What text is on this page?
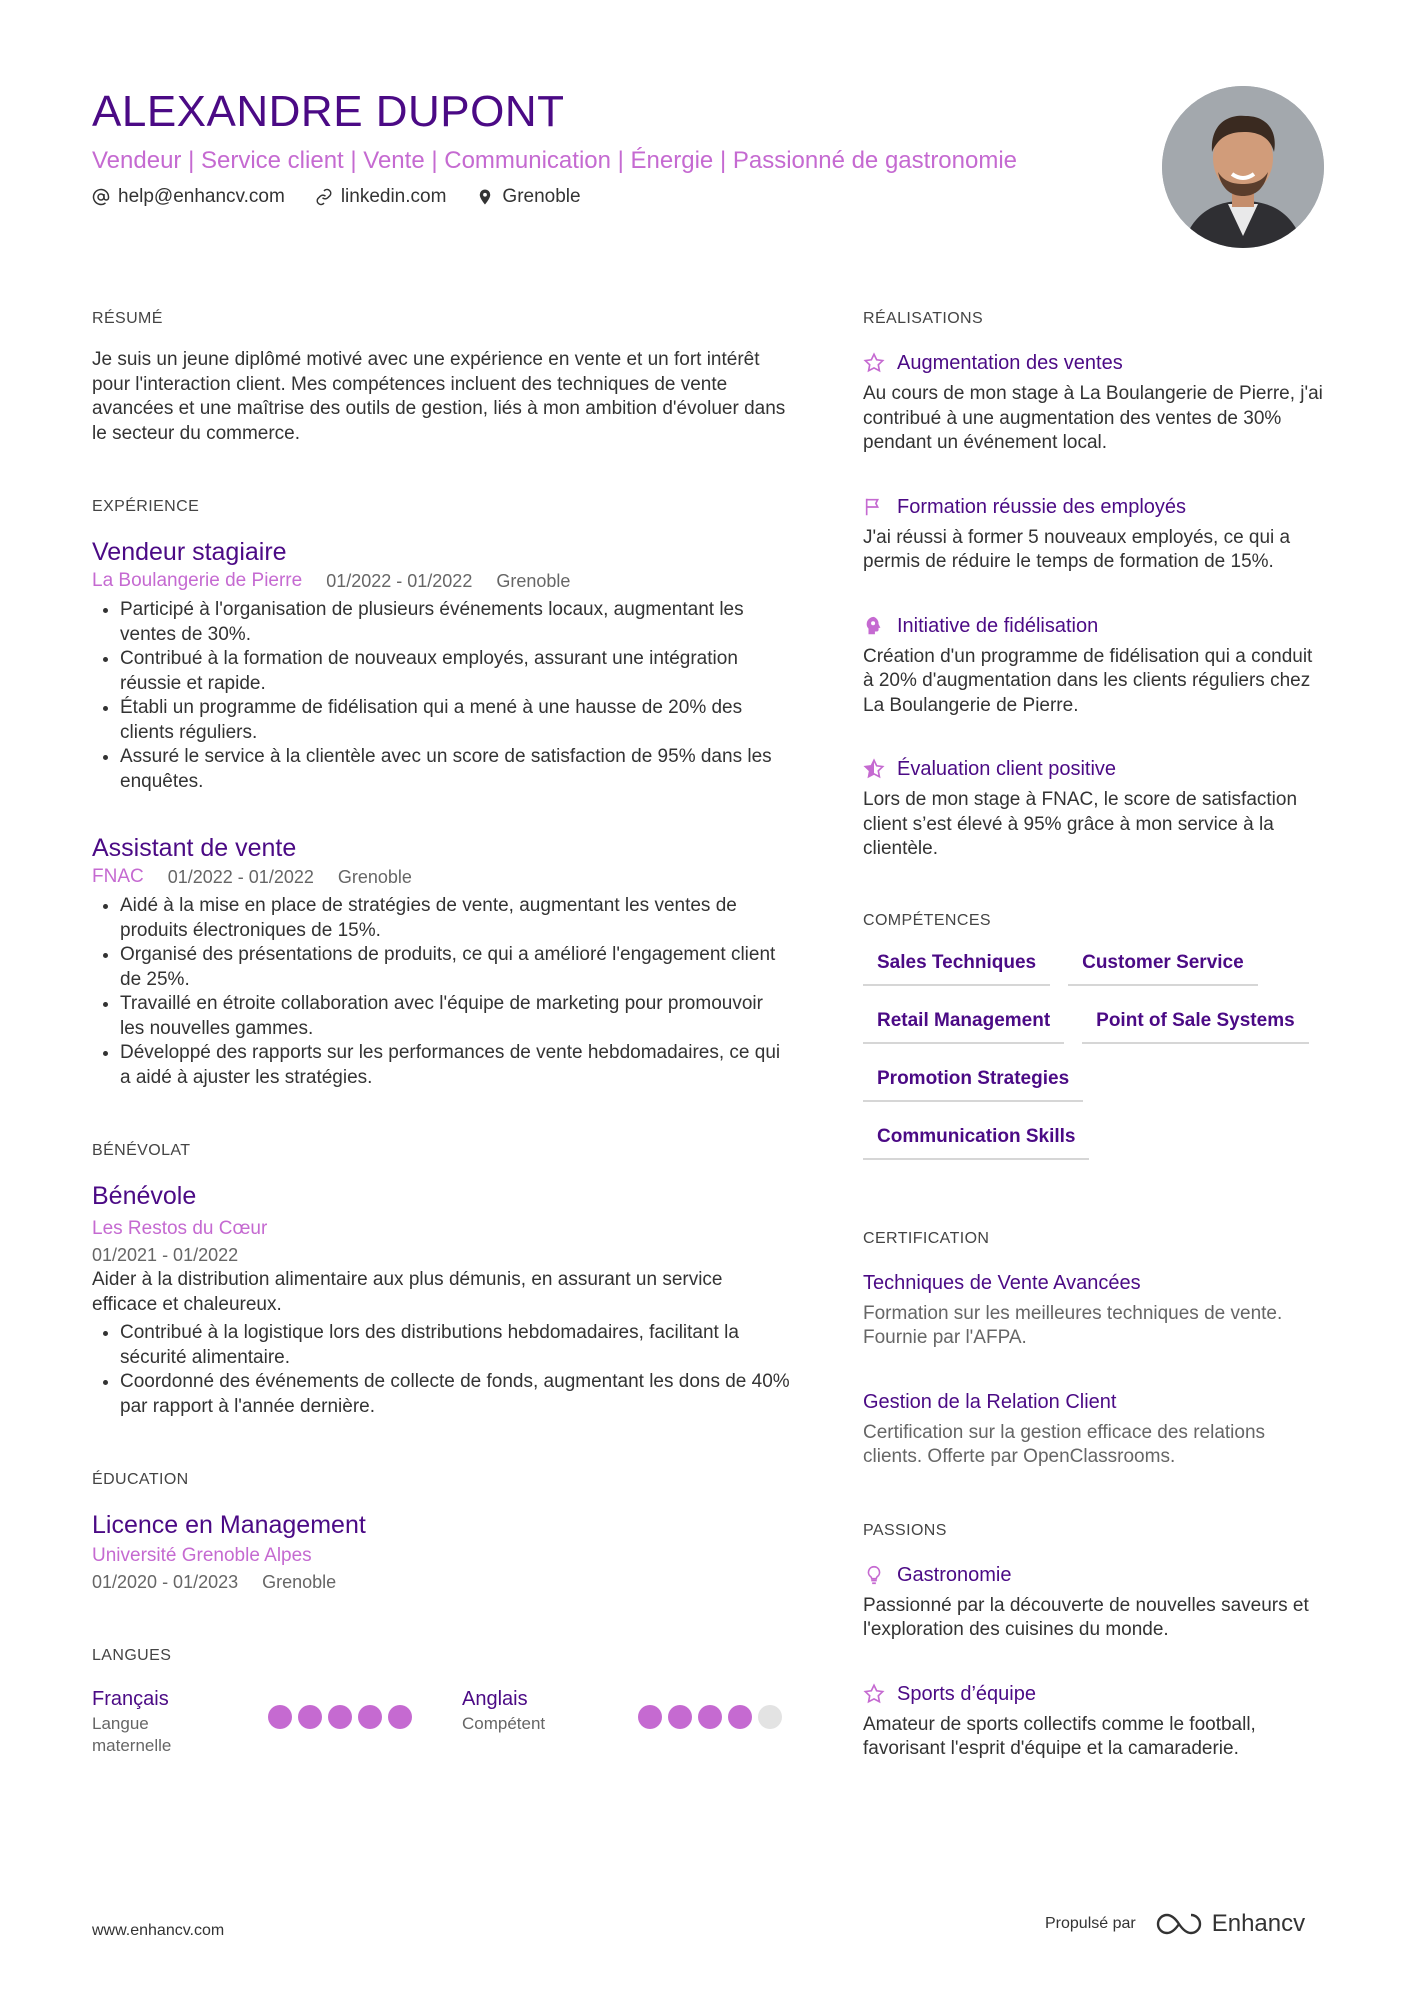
ALEXANDRE DUPONT
Vendeur | Service client | Vente | Communication | Énergie | Passionné de gastronomie
help@enhancv.com	linkedin.com	Grenoble
RÉSUMÉ
Je suis un jeune diplômé motivé avec une expérience en vente et un fort intérêt pour l'interaction client. Mes compétences incluent des techniques de vente avancées et une maîtrise des outils de gestion, liés à mon ambition d'évoluer dans le secteur du commerce.
EXPÉRIENCE
Vendeur stagiaire
La Boulangerie de Pierre 01/2022 - 01/2022 Grenoble
• Participé à l'organisation de plusieurs événements locaux, augmentant les ventes de 30%.
• Contribué à la formation de nouveaux employés, assurant une intégration réussie et rapide.
• Établi un programme de fidélisation qui a mené à une hausse de 20% des clients réguliers.
• Assuré le service à la clientèle avec un score de satisfaction de 95% dans les enquêtes.
Assistant de vente
FNAC 01/2022 - 01/2022 Grenoble
• Aidé à la mise en place de stratégies de vente, augmentant les ventes de produits électroniques de 15%.
• Organisé des présentations de produits, ce qui a amélioré l'engagement client de 25%.
• Travaillé en étroite collaboration avec l'équipe de marketing pour promouvoir les nouvelles gammes.
• Développé des rapports sur les performances de vente hebdomadaires, ce qui a aidé à ajuster les stratégies.
BÉNÉVOLAT
Bénévole
Les Restos du Cœur
01/2021 - 01/2022
Aider à la distribution alimentaire aux plus démunis, en assurant un service efficace et chaleureux.
• Contribué à la logistique lors des distributions hebdomadaires, facilitant la sécurité alimentaire.
• Coordonné des événements de collecte de fonds, augmentant les dons de 40% par rapport à l'année dernière.
ÉDUCATION
Licence en Management
Université Grenoble Alpes
01/2020 - 01/2023 Grenoble
LANGUES
Français
Langue maternelle
Anglais
Compétent
RÉALISATIONS
Augmentation des ventes
Au cours de mon stage à La Boulangerie de Pierre, j'ai contribué à une augmentation des ventes de 30% pendant un événement local.
Formation réussie des employés
J'ai réussi à former 5 nouveaux employés, ce qui a permis de réduire le temps de formation de 15%.
Initiative de fidélisation
Création d'un programme de fidélisation qui a conduit à 20% d'augmentation dans les clients réguliers chez La Boulangerie de Pierre.
Évaluation client positive
Lors de mon stage à FNAC, le score de satisfaction client s’est élevé à 95% grâce à mon service à la clientèle.
COMPÉTENCES
Sales Techniques	Customer Service
Retail Management	Point of Sale Systems
Promotion Strategies
Communication Skills
CERTIFICATION
Techniques de Vente Avancées
Formation sur les meilleures techniques de vente. Fournie par l'AFPA.
Gestion de la Relation Client
Certification sur la gestion efficace des relations clients. Offerte par OpenClassrooms.
PASSIONS
Gastronomie
Passionné par la découverte de nouvelles saveurs et l'exploration des cuisines du monde.
Sports d’équipe
Amateur de sports collectifs comme le football, favorisant l'esprit d'équipe et la camaraderie.
www.enhancv.com	Propulsé par	Enhancv
